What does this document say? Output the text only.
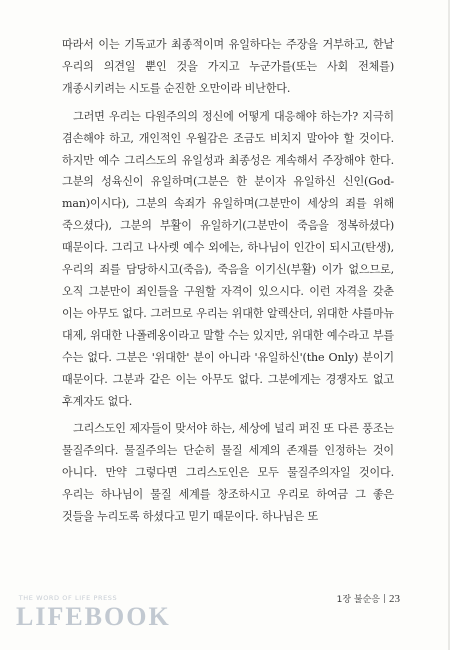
따라서 이는 기독교가 최종적이며 유일하다는 주장을 거부하고, 한낱 우리의 의견일 뿐인 것을 가지고 누군가를(또는 사회 전체를) 개종시키려는 시도를 순진한 오만이라 비난한다.

그러면 우리는 다원주의의 정신에 어떻게 대응해야 하는가? 지극히 겸손해야 하고, 개인적인 우월감은 조금도 비치지 말아야 할 것이다. 하지만 예수 그리스도의 유일성과 최종성은 계속해서 주장해야 한다. 그분의 성육신이 유일하며(그분은 한 분이자 유일하신 신인(God-man)이시다), 그분의 속죄가 유일하며(그분만이 세상의 죄를 위해 죽으셨다), 그분의 부활이 유일하기(그분만이 죽음을 정복하셨다) 때문이다. 그리고 나사렛 예수 외에는, 하나님이 인간이 되시고(탄생), 우리의 죄를 담당하시고(죽음), 죽음을 이기신(부활) 이가 없으므로, 오직 그분만이 죄인들을 구원할 자격이 있으시다. 이런 자격을 갖춘 이는 아무도 없다. 그러므로 우리는 위대한 알렉산더, 위대한 샤를마뉴 대제, 위대한 나폴레옹이라고 말할 수는 있지만, 위대한 예수라고 부를 수는 없다. 그분은 '위대한' 분이 아니라 '유일하신'(the Only) 분이기 때문이다. 그분과 같은 이는 아무도 없다. 그분에게는 경쟁자도 없고 후계자도 없다.

그리스도인 제자들이 맞서야 하는, 세상에 널리 퍼진 또 다른 풍조는 물질주의다. 물질주의는 단순히 물질 세계의 존재를 인정하는 것이 아니다. 만약 그렇다면 그리스도인은 모두 물질주의자일 것이다. 우리는 하나님이 물질 세계를 창조하시고 우리로 하여금 그 좋은 것들을 누리도록 하셨다고 믿기 때문이다. 하나님은 또

THE WORD OF LIFE PRESS
LIFEBOOK
1장 불순응 23
